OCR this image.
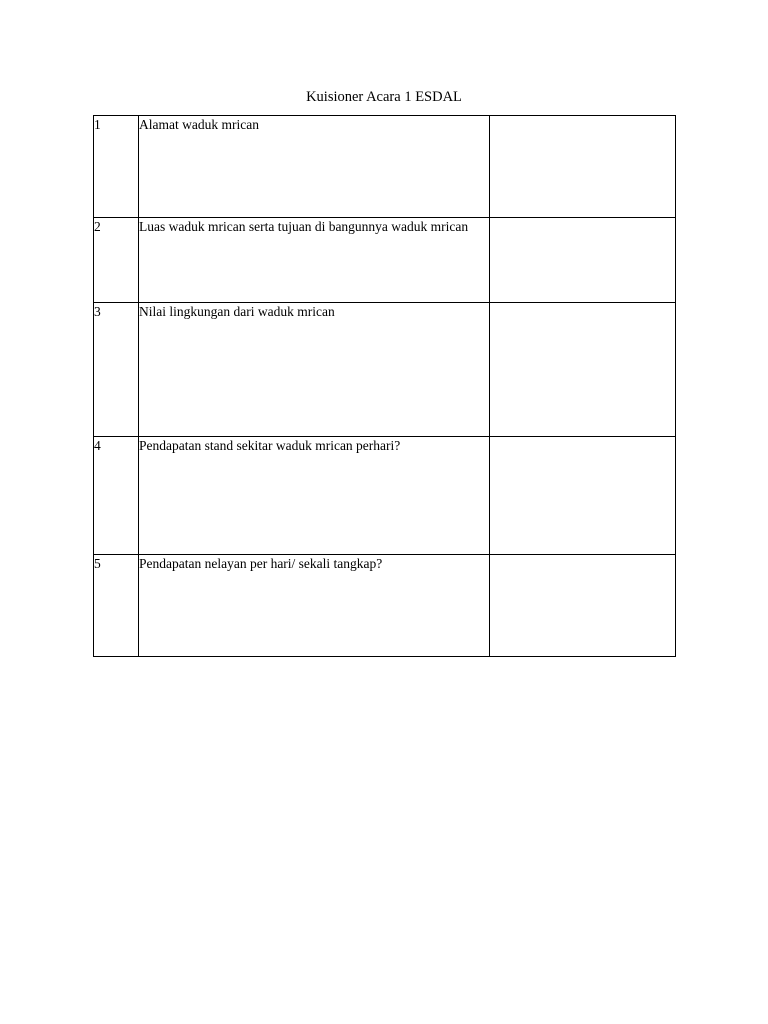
Kuisioner Acara 1 ESDAL
1	Alamat waduk mrican	
2	Luas waduk mrican serta tujuan di bangunnya waduk mrican	
3	Nilai lingkungan dari waduk mrican	
4	Pendapatan stand sekitar waduk mrican perhari?	
5	Pendapatan nelayan per hari/ sekali tangkap?	
